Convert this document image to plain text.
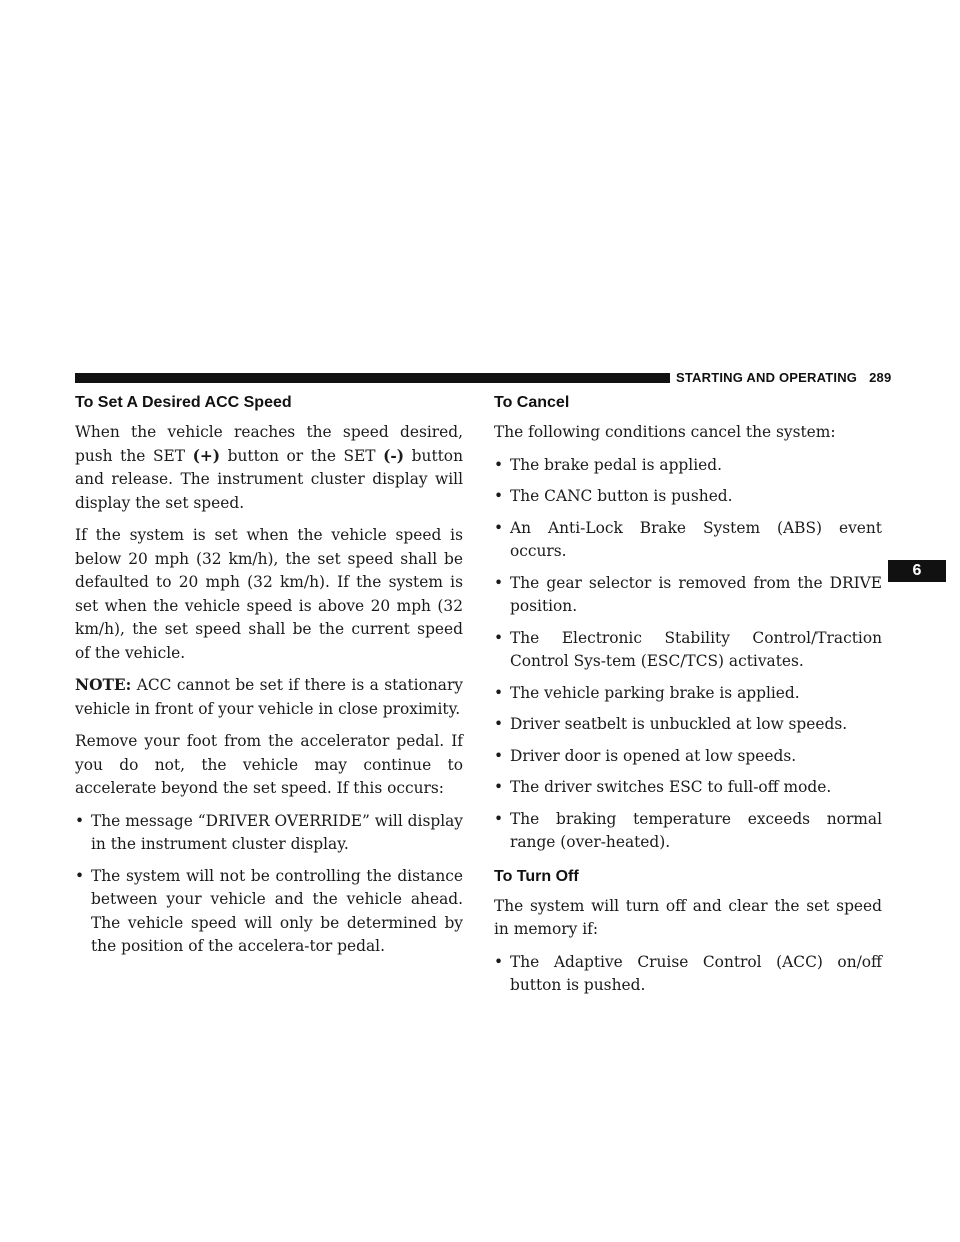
STARTING AND OPERATING 289
6
To Set A Desired ACC Speed

When the vehicle reaches the speed desired, push the SET (+) button or the SET (-) button and release. The instrument cluster display will display the set speed.

If the system is set when the vehicle speed is below 20 mph (32 km/h), the set speed shall be defaulted to 20 mph (32 km/h). If the system is set when the vehicle speed is above 20 mph (32 km/h), the set speed shall be the current speed of the vehicle.

NOTE: ACC cannot be set if there is a stationary vehicle in front of your vehicle in close proximity.

Remove your foot from the accelerator pedal. If you do not, the vehicle may continue to accelerate beyond the set speed. If this occurs:

• The message “DRIVER OVERRIDE” will display in the instrument cluster display.
• The system will not be controlling the distance between your vehicle and the vehicle ahead. The vehicle speed will only be determined by the position of the accelera-tor pedal.
To Cancel

The following conditions cancel the system:

• The brake pedal is applied.
• The CANC button is pushed.
• An Anti-Lock Brake System (ABS) event occurs.
• The gear selector is removed from the DRIVE position.
• The Electronic Stability Control/Traction Control Sys-tem (ESC/TCS) activates.
• The vehicle parking brake is applied.
• Driver seatbelt is unbuckled at low speeds.
• Driver door is opened at low speeds.
• The driver switches ESC to full-off mode.
• The braking temperature exceeds normal range (over-heated).
To Turn Off

The system will turn off and clear the set speed in memory if:

• The Adaptive Cruise Control (ACC) on/off button is pushed.
